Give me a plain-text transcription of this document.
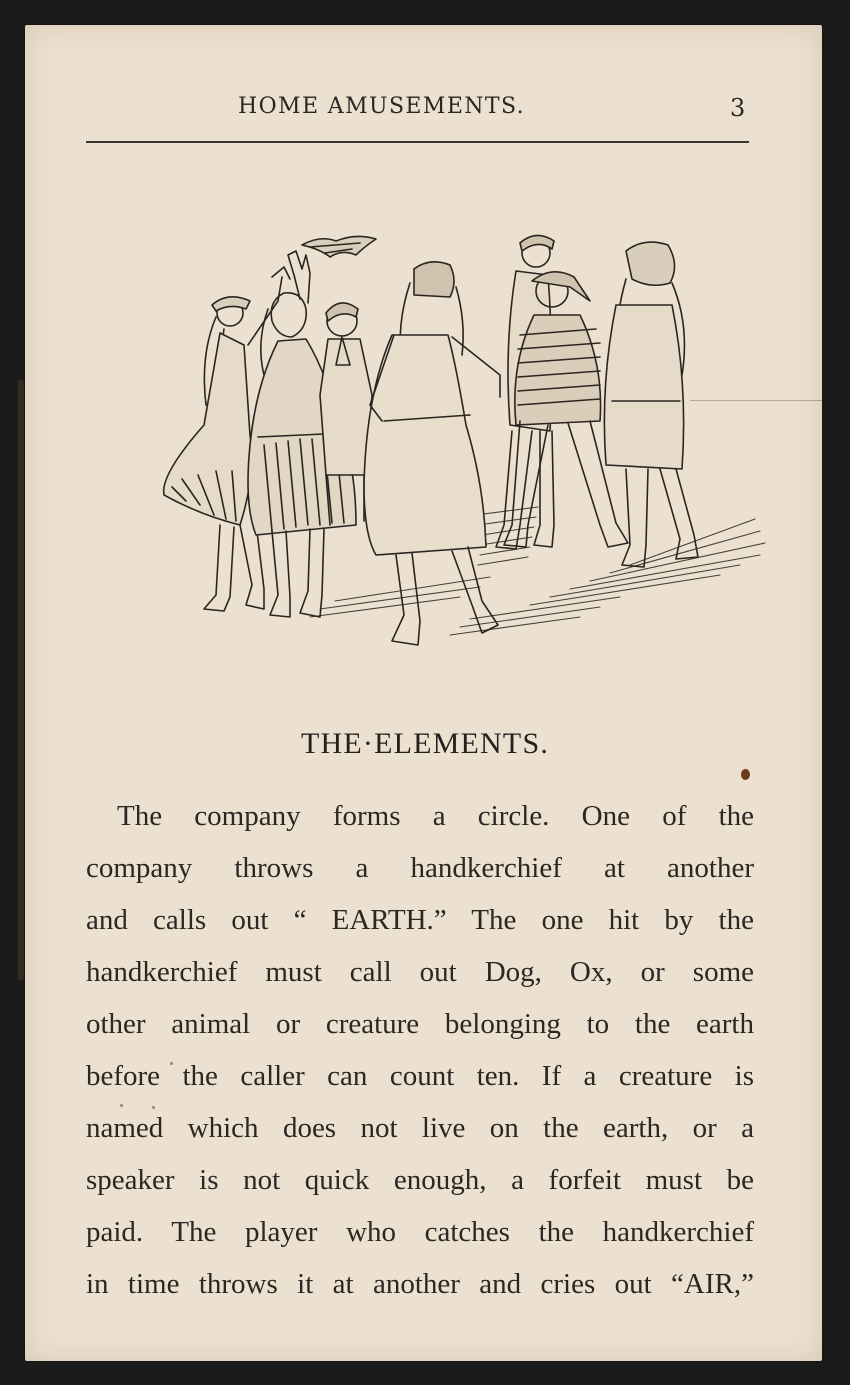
HOME AMUSEMENTS.	3
THE·ELEMENTS.
The company forms a circle. One of the
company throws a handkerchief at another
and calls out “ EARTH.” The one hit by the
handkerchief must call out Dog, Ox, or some
other animal or creature belonging to the earth
before the caller can count ten. If a creature is
named which does not live on the earth, or a
speaker is not quick enough, a forfeit must be
paid. The player who catches the handkerchief
in time throws it at another and cries out “AIR,”
